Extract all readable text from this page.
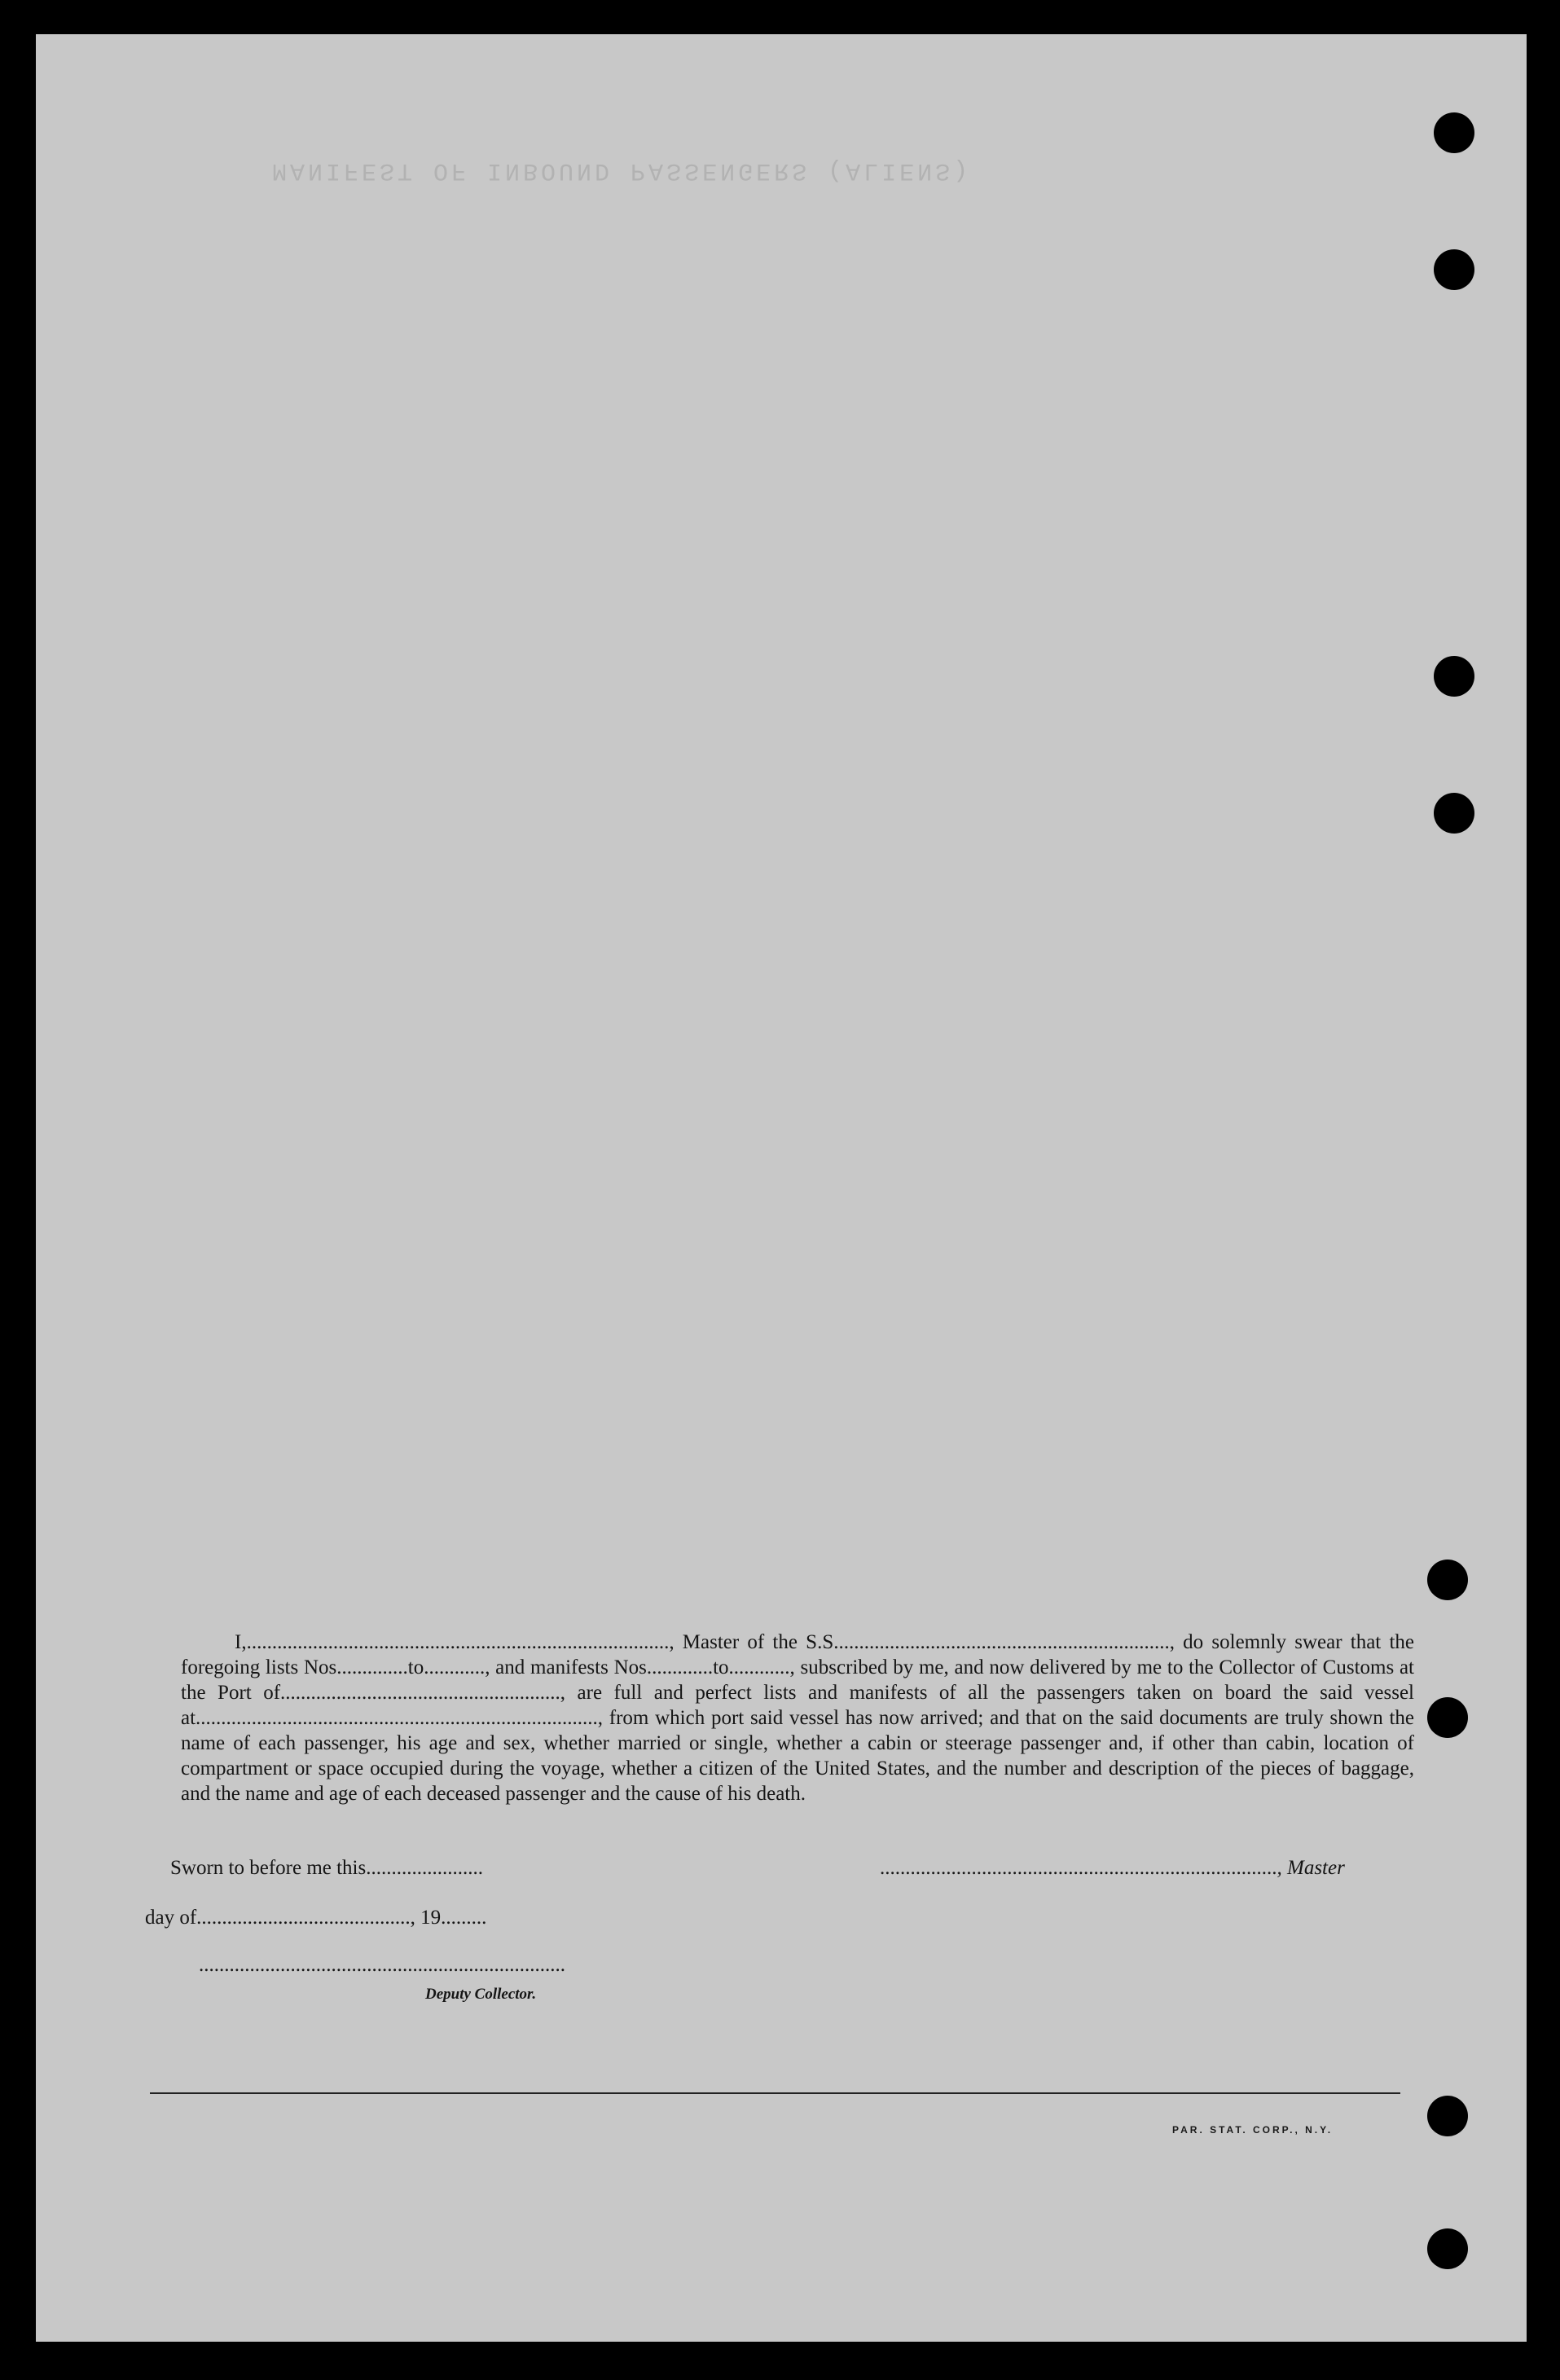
MANIFEST OF INBOUND PASSENGERS (ALIENS)

I,..................................................................................., Master of the S.S.................................................................., do solemnly swear that the foregoing lists Nos..............to............, and manifests Nos.............to............, subscribed by me, and now delivered by me to the Collector of Customs at the Port of......................................................., are full and perfect lists and manifests of all the passengers taken on board the said vessel at..............................................................................., from which port said vessel has now arrived; and that on the said documents are truly shown the name of each passenger, his age and sex, whether married or single, whether a cabin or steerage passenger and, if other than cabin, location of compartment or space occupied during the voyage, whether a citizen of the United States, and the number and description of the pieces of baggage, and the name and age of each deceased passenger and the cause of his death.

Sworn to before me this.......................	.............................................................................., Master
day of.........................................., 19.........
........................................................................
Deputy Collector.
PAR. STAT. CORP., N.Y.
